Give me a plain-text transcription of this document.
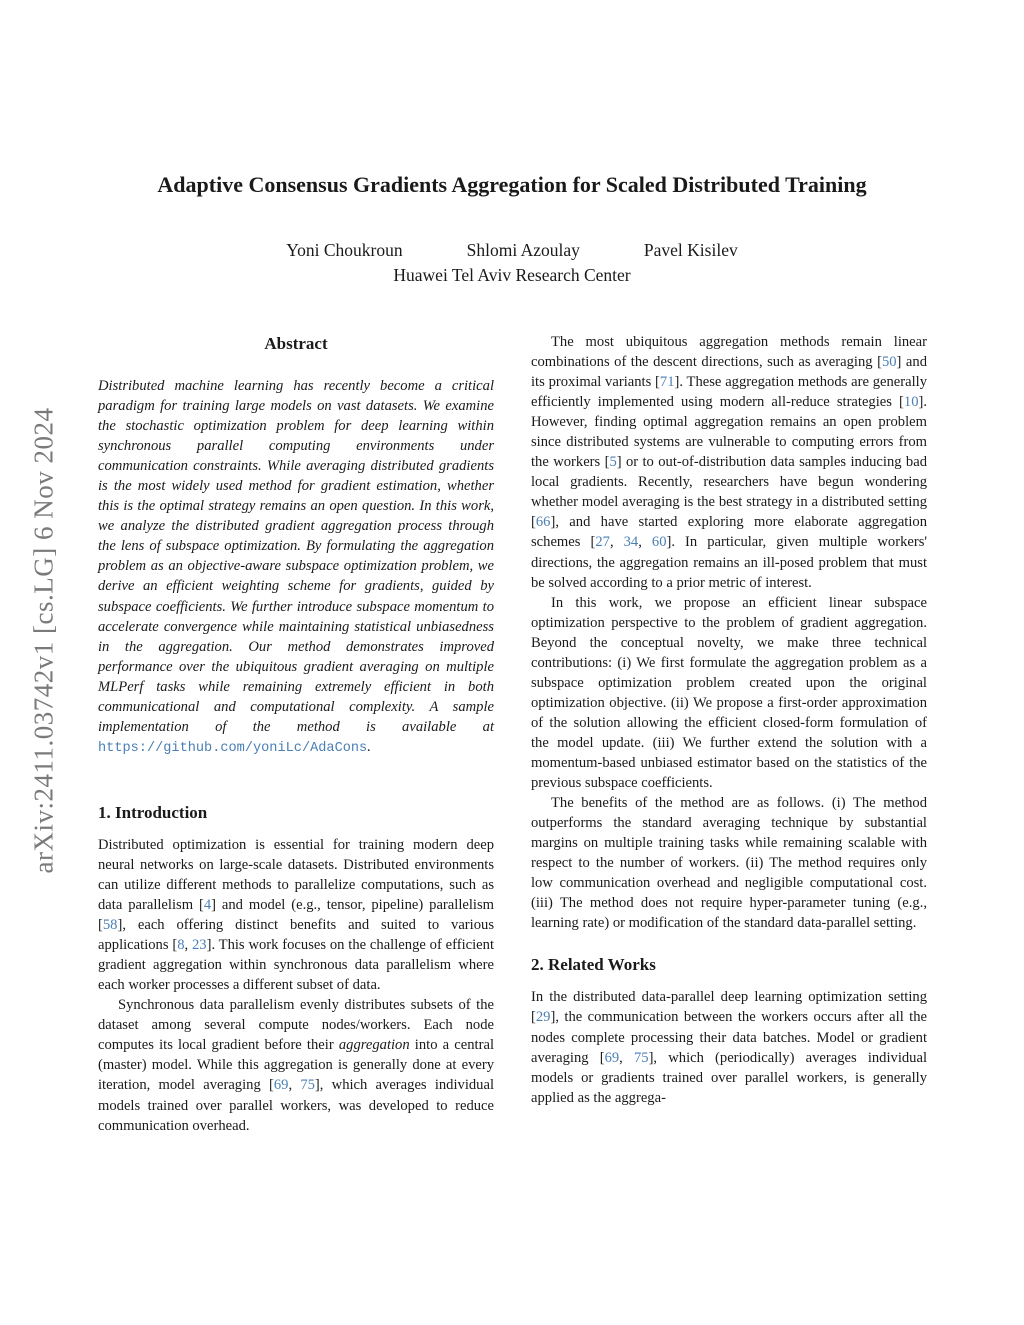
arXiv:2411.03742v1 [cs.LG] 6 Nov 2024
Adaptive Consensus Gradients Aggregation for Scaled Distributed Training
Yoni Choukroun	Shlomi Azoulay	Pavel Kisilev
Huawei Tel Aviv Research Center
Abstract

Distributed machine learning has recently become a critical paradigm for training large models on vast datasets. We examine the stochastic optimization problem for deep learning within synchronous parallel computing environments under communication constraints. While averaging distributed gradients is the most widely used method for gradient estimation, whether this is the optimal strategy remains an open question. In this work, we analyze the distributed gradient aggregation process through the lens of subspace optimization. By formulating the aggregation problem as an objective-aware subspace optimization problem, we derive an efficient weighting scheme for gradients, guided by subspace coefficients. We further introduce subspace momentum to accelerate convergence while maintaining statistical unbiasedness in the aggregation. Our method demonstrates improved performance over the ubiquitous gradient averaging on multiple MLPerf tasks while remaining extremely efficient in both communicational and computational complexity. A sample implementation of the method is available at https://github.com/yoniLc/AdaCons.

1. Introduction

Distributed optimization is essential for training modern deep neural networks on large-scale datasets. Distributed environments can utilize different methods to parallelize computations, such as data parallelism [4] and model (e.g., tensor, pipeline) parallelism [58], each offering distinct benefits and suited to various applications [8, 23]. This work focuses on the challenge of efficient gradient aggregation within synchronous data parallelism where each worker processes a different subset of data.

Synchronous data parallelism evenly distributes subsets of the dataset among several compute nodes/workers. Each node computes its local gradient before their aggregation into a central (master) model. While this aggregation is generally done at every iteration, model averaging [69, 75], which averages individual models trained over parallel workers, was developed to reduce communication overhead.

The most ubiquitous aggregation methods remain linear combinations of the descent directions, such as averaging [50] and its proximal variants [71]. These aggregation methods are generally efficiently implemented using modern all-reduce strategies [10]. However, finding optimal aggregation remains an open problem since distributed systems are vulnerable to computing errors from the workers [5] or to out-of-distribution data samples inducing bad local gradients. Recently, researchers have begun wondering whether model averaging is the best strategy in a distributed setting [66], and have started exploring more elaborate aggregation schemes [27, 34, 60]. In particular, given multiple workers' directions, the aggregation remains an ill-posed problem that must be solved according to a prior metric of interest.

In this work, we propose an efficient linear subspace optimization perspective to the problem of gradient aggregation. Beyond the conceptual novelty, we make three technical contributions: (i) We first formulate the aggregation problem as a subspace optimization problem created upon the original optimization objective. (ii) We propose a first-order approximation of the solution allowing the efficient closed-form formulation of the model update. (iii) We further extend the solution with a momentum-based unbiased estimator based on the statistics of the previous subspace coefficients.

The benefits of the method are as follows. (i) The method outperforms the standard averaging technique by substantial margins on multiple training tasks while remaining scalable with respect to the number of workers. (ii) The method requires only low communication overhead and negligible computational cost. (iii) The method does not require hyper-parameter tuning (e.g., learning rate) or modification of the standard data-parallel setting.

2. Related Works

In the distributed data-parallel deep learning optimization setting [29], the communication between the workers occurs after all the nodes complete processing their data batches. Model or gradient averaging [69, 75], which (periodically) averages individual models or gradients trained over parallel workers, is generally applied as the aggrega-
